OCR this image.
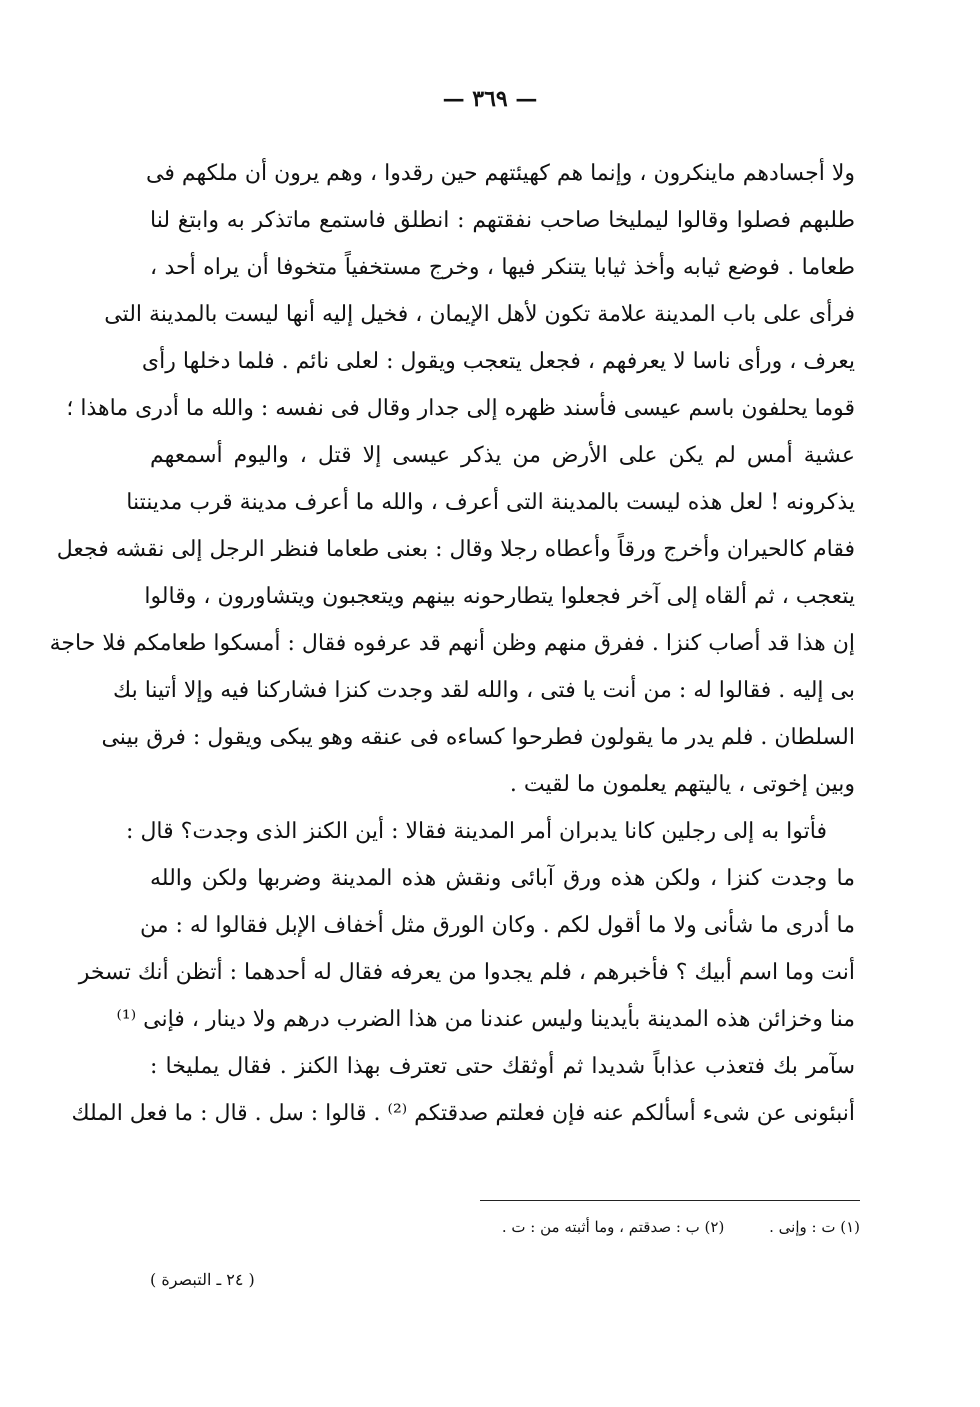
— ٣٦٩ —
ولا أجسادهم ماينكرون ، وإنما هم كهيئتهم حين رقدوا ، وهم يرون أن ملكهم فى
طلبهم فصلوا وقالوا ليمليخا صاحب نفقتهم : انطلق فاستمع ماتذكر به وابتغ لنا
طعاما . فوضع ثيابه وأخذ ثيابا يتنكر فيها ، وخرج مستخفياً متخوفا أن يراه أحد ،
فرأى على باب المدينة علامة تكون لأهل الإيمان ، فخيل إليه أنها ليست بالمدينة التى
يعرف ، ورأى ناسا لا يعرفهم ، فجعل يتعجب ويقول : لعلى نائم . فلما دخلها رأى
قوما يحلفون باسم عيسى فأسند ظهره إلى جدار وقال فى نفسه : والله ما أدرى ماهذا ؛
عشية أمس لم يكن على الأرض من يذكر عيسى إلا قتل ، واليوم أسمعهم
يذكرونه ! لعل هذه ليست بالمدينة التى أعرف ، والله ما أعرف مدينة قرب مدينتنا
فقام كالحيران وأخرج ورقاً وأعطاه رجلا وقال : بعنى طعاما فنظر الرجل إلى نقشه فجعل
يتعجب ، ثم ألقاه إلى آخر فجعلوا يتطارحونه بينهم ويتعجبون ويتشاورون ، وقالوا
إن هذا قد أصاب كنزا . ففرق منهم وظن أنهم قد عرفوه فقال : أمسكوا طعامكم فلا حاجة
بى إليه . فقالوا له : من أنت يا فتى ، والله لقد وجدت كنزا فشاركنا فيه وإلا أتينا بك
السلطان . فلم يدر ما يقولون فطرحوا كساءه فى عنقه وهو يبكى ويقول : فرق بينى
وبين إخوتى ، ياليتهم يعلمون ما لقيت .
فأتوا به إلى رجلين كانا يدبران أمر المدينة فقالا : أين الكنز الذى وجدت؟ قال :
ما وجدت كنزا ، ولكن هذه ورق آبائى ونقش هذه المدينة وضربها ولكن والله
ما أدرى ما شأنى ولا ما أقول لكم . وكان الورق مثل أخفاف الإبل فقالوا له : من
أنت وما اسم أبيك ؟ فأخبرهم ، فلم يجدوا من يعرفه فقال له أحدهما : أتظن أنك تسخر
منا وخزائن هذه المدينة بأيدينا وليس عندنا من هذا الضرب درهم ولا دينار ، فإنى ⁽¹⁾
سآمر بك فتعذب عذاباً شديدا ثم أوثقك حتى تعترف بهذا الكنز . فقال يمليخا :
أنبئونى عن شىء أسألكم عنه فإن فعلتم صدقتكم ⁽²⁾ . قالوا : سل . قال : ما فعل الملك
(١) ت : وإنى . (٢) ب : صدقتم ، وما أثبته من : ت .
( ٢٤ ـ التبصرة )
